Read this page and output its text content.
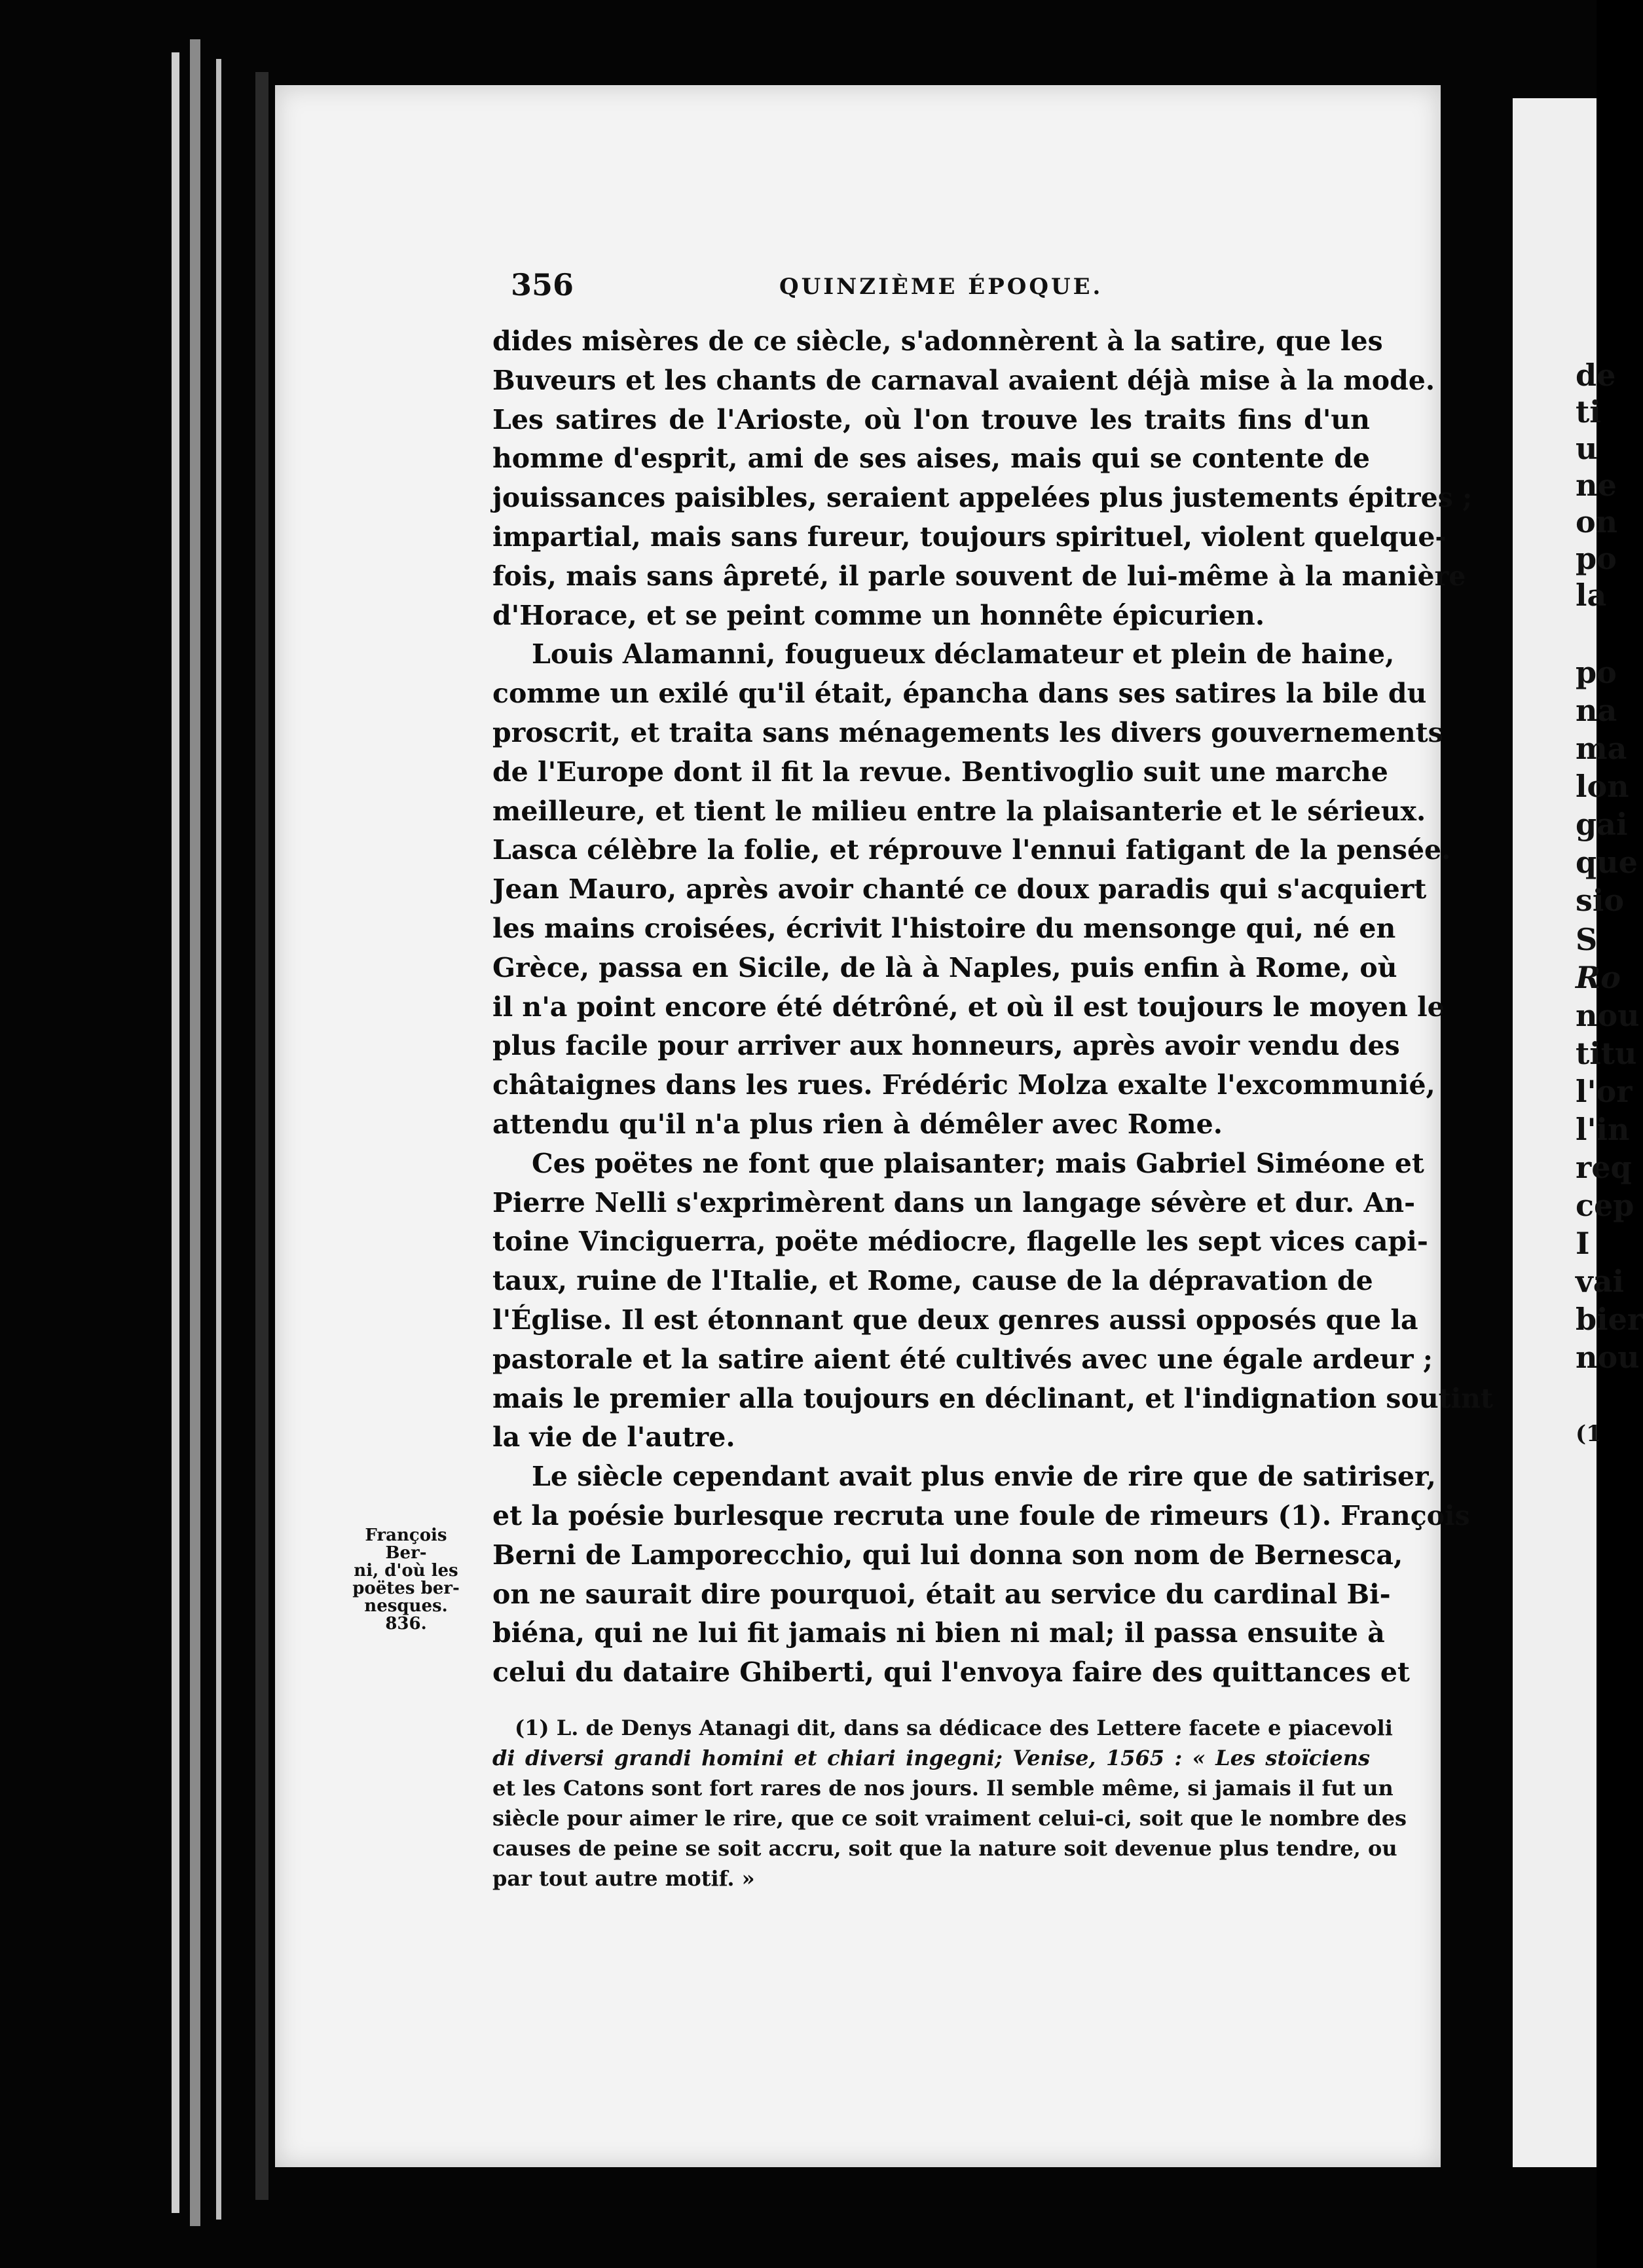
de
ti
u
ne
on
po
la
po
na
ma
lon
gai
que
sio
S
Ro
nou
titu
l'or
l'in
req
cep
I
vai
bier
nou
(1
356	QUINZIÈME ÉPOQUE.
dides misères de ce siècle, s'adonnèrent à la satire, que les
Buveurs et les chants de carnaval avaient déjà mise à la mode.
Les satires de l'Arioste, où l'on trouve les traits fins d'un
homme d'esprit, ami de ses aises, mais qui se contente de
jouissances paisibles, seraient appelées plus justements épitres ;
impartial, mais sans fureur, toujours spirituel, violent quelque-
fois, mais sans âpreté, il parle souvent de lui-même à la manière
d'Horace, et se peint comme un honnête épicurien.
Louis Alamanni, fougueux déclamateur et plein de haine,
comme un exilé qu'il était, épancha dans ses satires la bile du
proscrit, et traita sans ménagements les divers gouvernements
de l'Europe dont il fit la revue. Bentivoglio suit une marche
meilleure, et tient le milieu entre la plaisanterie et le sérieux.
Lasca célèbre la folie, et réprouve l'ennui fatigant de la pensée.
Jean Mauro, après avoir chanté ce doux paradis qui s'acquiert
les mains croisées, écrivit l'histoire du mensonge qui, né en
Grèce, passa en Sicile, de là à Naples, puis enfin à Rome, où
il n'a point encore été détrôné, et où il est toujours le moyen le
plus facile pour arriver aux honneurs, après avoir vendu des
châtaignes dans les rues. Frédéric Molza exalte l'excommunié,
attendu qu'il n'a plus rien à démêler avec Rome.
Ces poëtes ne font que plaisanter; mais Gabriel Siméone et
Pierre Nelli s'exprimèrent dans un langage sévère et dur. An-
toine Vinciguerra, poëte médiocre, flagelle les sept vices capi-
taux, ruine de l'Italie, et Rome, cause de la dépravation de
l'Église. Il est étonnant que deux genres aussi opposés que la
pastorale et la satire aient été cultivés avec une égale ardeur ;
mais le premier alla toujours en déclinant, et l'indignation soutint
la vie de l'autre.
Le siècle cependant avait plus envie de rire que de satiriser,
et la poésie burlesque recruta une foule de rimeurs (1). François
Berni de Lamporecchio, qui lui donna son nom de Bernesca,
on ne saurait dire pourquoi, était au service du cardinal Bi-
biéna, qui ne lui fit jamais ni bien ni mal; il passa ensuite à
celui du dataire Ghiberti, qui l'envoya faire des quittances et
François Ber-
ni, d'où les
poëtes ber-
nesques.
836.
(1) L. de Denys Atanagi dit, dans sa dédicace des Lettere facete e piacevoli
di diversi grandi homini et chiari ingegni; Venise, 1565 : « Les stoïciens
et les Catons sont fort rares de nos jours. Il semble même, si jamais il fut un
siècle pour aimer le rire, que ce soit vraiment celui-ci, soit que le nombre des
causes de peine se soit accru, soit que la nature soit devenue plus tendre, ou
par tout autre motif. »
